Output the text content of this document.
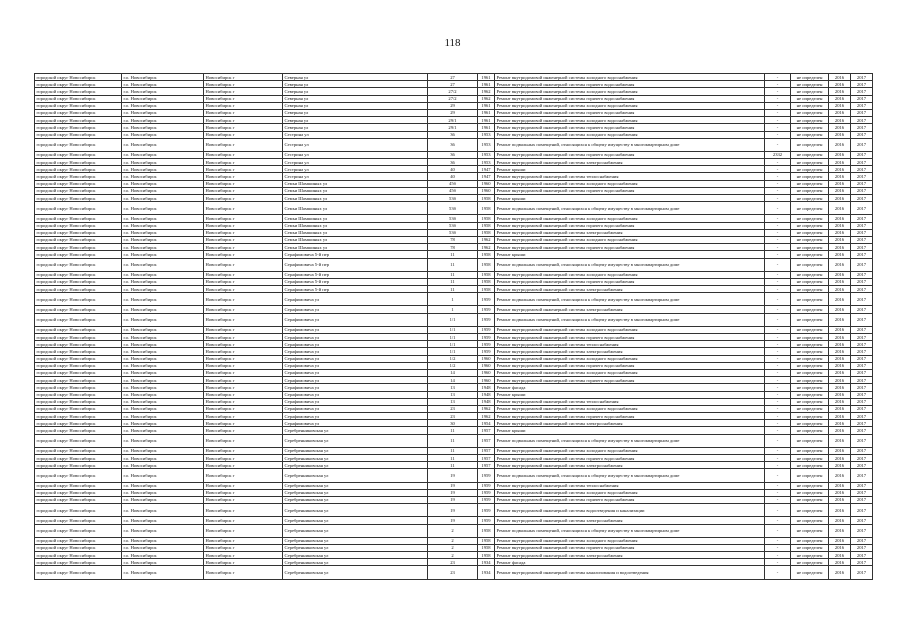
118
городской округ Новосибирск	г.о. Новосибирск	Новосибирск г	Северная ул	27	1961	Ремонт внутридомовой инженерной системы холодного водоснабжения	-	не определен	2016	2017
городской округ Новосибирск	г.о. Новосибирск	Новосибирск г	Северная ул	27	1961	Ремонт внутридомовой инженерной системы горячего водоснабжения	-	не определен	2016	2017
городской округ Новосибирск	г.о. Новосибирск	Новосибирск г	Северная ул	27/2	1962	Ремонт внутридомовой инженерной системы холодного водоснабжения	-	не определен	2016	2017
городской округ Новосибирск	г.о. Новосибирск	Новосибирск г	Северная ул	27/2	1962	Ремонт внутридомовой инженерной системы горячего водоснабжения	-	не определен	2016	2017
городской округ Новосибирск	г.о. Новосибирск	Новосибирск г	Северная ул	29	1961	Ремонт внутридомовой инженерной системы холодного водоснабжения	-	не определен	2016	2017
городской округ Новосибирск	г.о. Новосибирск	Новосибирск г	Северная ул	29	1961	Ремонт внутридомовой инженерной системы горячего водоснабжения	-	не определен	2016	2017
городской округ Новосибирск	г.о. Новосибирск	Новосибирск г	Северная ул	29/1	1961	Ремонт внутридомовой инженерной системы холодного водоснабжения	-	не определен	2016	2017
городской округ Новосибирск	г.о. Новосибирск	Новосибирск г	Северная ул	29/1	1961	Ремонт внутридомовой инженерной системы горячего водоснабжения	-	не определен	2016	2017
городской округ Новосибирск	г.о. Новосибирск	Новосибирск г	Сестрина ул	36	1953	Ремонт внутридомовой инженерной системы холодного водоснабжения	-	не определен	2016	2017
городской округ Новосибирск	г.о. Новосибирск	Новосибирск г	Сестрина ул	36	1953	Ремонт подвальных помещений, относящихся к общему имуществу в многоквартирном доме	-	не определен	2016	2017
городской округ Новосибирск	г.о. Новосибирск	Новосибирск г	Сестрина ул	36	1953	Ремонт внутридомовой инженерной системы горячего водоснабжения	2332	не определен	2016	2017
городской округ Новосибирск	г.о. Новосибирск	Новосибирск г	Сестрина ул	36	1953	Ремонт внутридомовой инженерной системы электроснабжения	-	не определен	2016	2017
городской округ Новосибирск	г.о. Новосибирск	Новосибирск г	Сестрина ул	40	1947	Ремонт крыши	-	не определен	2016	2017
городской округ Новосибирск	г.о. Новосибирск	Новосибирск г	Сестрина ул	40	1947	Ремонт внутридомовой инженерной системы теплоснабжения	-	не определен	2016	2017
городской округ Новосибирск	г.о. Новосибирск	Новосибирск г	Семьи Шамшиных ул	45б	1960	Ремонт внутридомовой инженерной системы холодного водоснабжения	-	не определен	2016	2017
городской округ Новосибирск	г.о. Новосибирск	Новосибирск г	Семьи Шамшиных ул	45б	1960	Ремонт внутридомовой инженерной системы горячего водоснабжения	-	не определен	2016	2017
городской округ Новосибирск	г.о. Новосибирск	Новосибирск г	Семьи Шамшиных ул	53б	1958	Ремонт крыши	-	не определен	2016	2017
городской округ Новосибирск	г.о. Новосибирск	Новосибирск г	Семьи Шамшиных ул	53б	1958	Ремонт подвальных помещений, относящихся к общему имуществу в многоквартирном доме	-	не определен	2016	2017
городской округ Новосибирск	г.о. Новосибирск	Новосибирск г	Семьи Шамшиных ул	53б	1958	Ремонт внутридомовой инженерной системы холодного водоснабжения	-	не определен	2016	2017
городской округ Новосибирск	г.о. Новосибирск	Новосибирск г	Семьи Шамшиных ул	53б	1958	Ремонт внутридомовой инженерной системы горячего водоснабжения	-	не определен	2016	2017
городской округ Новосибирск	г.о. Новосибирск	Новосибирск г	Семьи Шамшиных ул	53б	1958	Ремонт внутридомовой инженерной системы электроснабжения	-	не определен	2016	2017
городской округ Новосибирск	г.о. Новосибирск	Новосибирск г	Семьи Шамшиных ул	78	1962	Ремонт внутридомовой инженерной системы холодного водоснабжения	-	не определен	2016	2017
городской округ Новосибирск	г.о. Новосибирск	Новосибирск г	Семьи Шамшиных ул	78	1962	Ремонт внутридомовой инженерной системы горячего водоснабжения	-	не определен	2016	2017
городской округ Новосибирск	г.о. Новосибирск	Новосибирск г	Серафимовича 5-й пер	11	1958	Ремонт крыши	-	не определен	2016	2017
городской округ Новосибирск	г.о. Новосибирск	Новосибирск г	Серафимовича 5-й пер	11	1958	Ремонт подвальных помещений, относящихся к общему имуществу в многоквартирном доме	-	не определен	2016	2017
городской округ Новосибирск	г.о. Новосибирск	Новосибирск г	Серафимовича 5-й пер	11	1958	Ремонт внутридомовой инженерной системы холодного водоснабжения	-	не определен	2016	2017
городской округ Новосибирск	г.о. Новосибирск	Новосибирск г	Серафимовича 5-й пер	11	1958	Ремонт внутридомовой инженерной системы горячего водоснабжения	-	не определен	2016	2017
городской округ Новосибирск	г.о. Новосибирск	Новосибирск г	Серафимовича 5-й пер	11	1958	Ремонт внутридомовой инженерной системы электроснабжения	-	не определен	2016	2017
городской округ Новосибирск	г.о. Новосибирск	Новосибирск г	Серафимовича ул	1	1959	Ремонт подвальных помещений, относящихся к общему имуществу в многоквартирном доме	-	не определен	2016	2017
городской округ Новосибирск	г.о. Новосибирск	Новосибирск г	Серафимовича ул	1	1959	Ремонт внутридомовой инженерной системы электроснабжения	-	не определен	2016	2017
городской округ Новосибирск	г.о. Новосибирск	Новосибирск г	Серафимовича ул	1/1	1959	Ремонт подвальных помещений, относящихся к общему имуществу в многоквартирном доме	-	не определен	2016	2017
городской округ Новосибирск	г.о. Новосибирск	Новосибирск г	Серафимовича ул	1/1	1959	Ремонт внутридомовой инженерной системы холодного водоснабжения	-	не определен	2016	2017
городской округ Новосибирск	г.о. Новосибирск	Новосибирск г	Серафимовича ул	1/1	1959	Ремонт внутридомовой инженерной системы горячего водоснабжения	-	не определен	2016	2017
городской округ Новосибирск	г.о. Новосибирск	Новосибирск г	Серафимовича ул	1/1	1959	Ремонт внутридомовой инженерной системы теплоснабжения	-	не определен	2016	2017
городской округ Новосибирск	г.о. Новосибирск	Новосибирск г	Серафимовича ул	1/1	1959	Ремонт внутридомовой инженерной системы электроснабжения	-	не определен	2016	2017
городской округ Новосибирск	г.о. Новосибирск	Новосибирск г	Серафимовича ул	1/2	1960	Ремонт внутридомовой инженерной системы холодного водоснабжения	-	не определен	2016	2017
городской округ Новосибирск	г.о. Новосибирск	Новосибирск г	Серафимовича ул	1/2	1960	Ремонт внутридомовой инженерной системы горячего водоснабжения	-	не определен	2016	2017
городской округ Новосибирск	г.о. Новосибирск	Новосибирск г	Серафимовича ул	14	1960	Ремонт внутридомовой инженерной системы холодного водоснабжения	-	не определен	2016	2017
городской округ Новосибирск	г.о. Новосибирск	Новосибирск г	Серафимовича ул	14	1960	Ремонт внутридомовой инженерной системы горячего водоснабжения	-	не определен	2016	2017
городской округ Новосибирск	г.о. Новосибирск	Новосибирск г	Серафимовича ул	13	1948	Ремонт фасада	-	не определен	2016	2017
городской округ Новосибирск	г.о. Новосибирск	Новосибирск г	Серафимовича ул	13	1948	Ремонт крыши	-	не определен	2016	2017
городской округ Новосибирск	г.о. Новосибирск	Новосибирск г	Серафимовича ул	13	1948	Ремонт внутридомовой инженерной системы теплоснабжения	-	не определен	2016	2017
городской округ Новосибирск	г.о. Новосибирск	Новосибирск г	Серафимовича ул	23	1962	Ремонт внутридомовой инженерной системы холодного водоснабжения	-	не определен	2016	2017
городской округ Новосибирск	г.о. Новосибирск	Новосибирск г	Серафимовича ул	23	1962	Ремонт внутридомовой инженерной системы горячего водоснабжения	-	не определен	2016	2017
городской округ Новосибирск	г.о. Новосибирск	Новосибирск г	Серафимовича ул	30	1954	Ремонт внутридомовой инженерной системы электроснабжения	-	не определен	2016	2017
городской округ Новосибирск	г.о. Новосибирск	Новосибирск г	Серебренниковская ул	11	1957	Ремонт крыши	-	не определен	2016	2017
городской округ Новосибирск	г.о. Новосибирск	Новосибирск г	Серебренниковская ул	11	1957	Ремонт подвальных помещений, относящихся к общему имуществу в многоквартирном доме	-	не определен	2016	2017
городской округ Новосибирск	г.о. Новосибирск	Новосибирск г	Серебренниковская ул	11	1957	Ремонт внутридомовой инженерной системы холодного водоснабжения	-	не определен	2016	2017
городской округ Новосибирск	г.о. Новосибирск	Новосибирск г	Серебренниковская ул	11	1957	Ремонт внутридомовой инженерной системы горячего водоснабжения	-	не определен	2016	2017
городской округ Новосибирск	г.о. Новосибирск	Новосибирск г	Серебренниковская ул	11	1957	Ремонт внутридомовой инженерной системы электроснабжения	-	не определен	2016	2017
городской округ Новосибирск	г.о. Новосибирск	Новосибирск г	Серебренниковская ул	19	1959	Ремонт подвальных помещений, относящихся к общему имуществу в многоквартирном доме	-	не определен	2016	2017
городской округ Новосибирск	г.о. Новосибирск	Новосибирск г	Серебренниковская ул	19	1959	Ремонт внутридомовой инженерной системы теплоснабжения	-	не определен	2016	2017
городской округ Новосибирск	г.о. Новосибирск	Новосибирск г	Серебренниковская ул	19	1959	Ремонт внутридомовой инженерной системы холодного водоснабжения	-	не определен	2016	2017
городской округ Новосибирск	г.о. Новосибирск	Новосибирск г	Серебренниковская ул	19	1959	Ремонт внутридомовой инженерной системы горячего водоснабжения	-	не определен	2016	2017
городской округ Новосибирск	г.о. Новосибирск	Новосибирск г	Серебренниковская ул	19	1959	Ремонт внутридомовой инженерной системы водоотведения и канализации	-	не определен	2016	2017
городской округ Новосибирск	г.о. Новосибирск	Новосибирск г	Серебренниковская ул	19	1959	Ремонт внутридомовой инженерной системы электроснабжения	-	не определен	2016	2017
городской округ Новосибирск	г.о. Новосибирск	Новосибирск г	Серебренниковская ул	2	1958	Ремонт подвальных помещений, относящихся к общему имуществу в многоквартирном доме	-	не определен	2016	2017
городской округ Новосибирск	г.о. Новосибирск	Новосибирск г	Серебренниковская ул	2	1958	Ремонт внутридомовой инженерной системы холодного водоснабжения	-	не определен	2016	2017
городской округ Новосибирск	г.о. Новосибирск	Новосибирск г	Серебренниковская ул	2	1958	Ремонт внутридомовой инженерной системы горячего водоснабжения	-	не определен	2016	2017
городской округ Новосибирск	г.о. Новосибирск	Новосибирск г	Серебренниковская ул	2	1958	Ремонт внутридомовой инженерной системы электроснабжения	-	не определен	2016	2017
городской округ Новосибирск	г.о. Новосибирск	Новосибирск г	Серебренниковская ул	23	1934	Ремонт фасада	-	не определен	2016	2017
городской округ Новосибирск	г.о. Новосибирск	Новосибирск г	Серебренниковская ул	23	1934	Ремонт внутридомовой инженерной системы канализования и водоотведения	-	не определен	2016	2017
